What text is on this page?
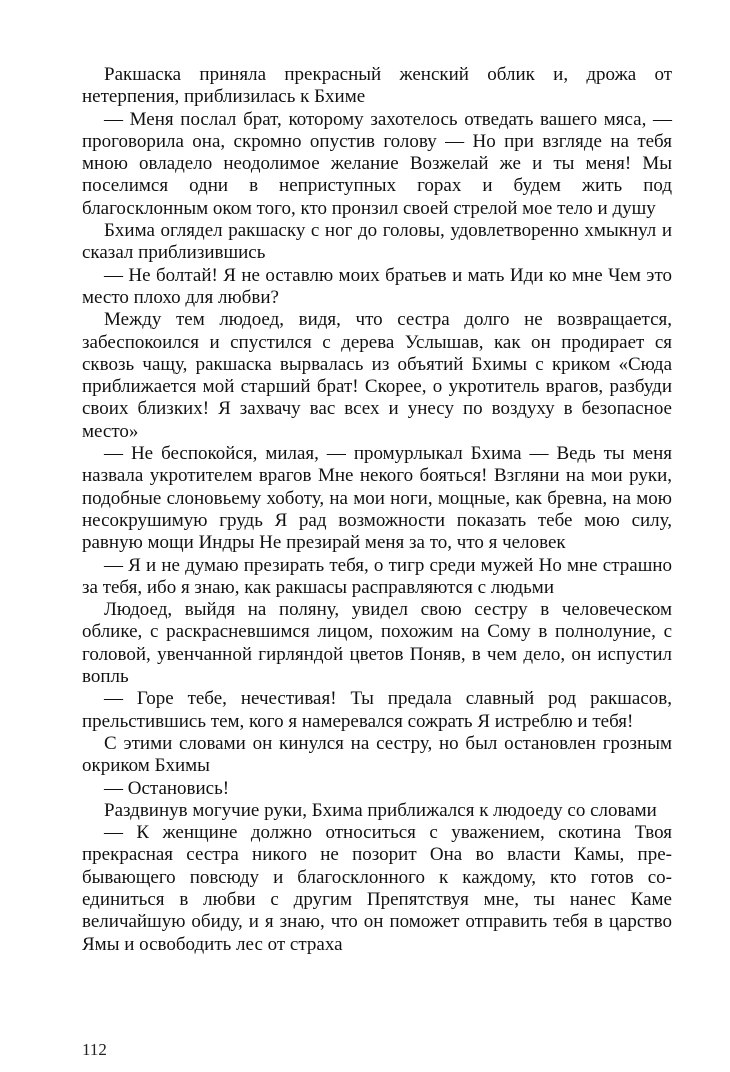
Ракшаска приняла прекрасный женский облик и, дрожа от нетерпения, приблизилась к Бхиме

— Меня послал брат, которому захотелось отведать вашего мяса, — проговорила она, скромно опустив голову — Но при взгляде на тебя мною овладело неодолимое желание Возжелай же и ты меня! Мы поселимся одни в неприступных горах и будем жить под благосклонным оком того, кто пронзил своей стрелой мое тело и душу

Бхима оглядел ракшаску с ног до головы, удовлетворенно хмыкнул и сказал приблизившись

— Не болтай! Я не оставлю моих братьев и мать Иди ко мне Чем это место плохо для любви?

Между тем людоед, видя, что сестра долго не возвращается, забеспокоился и спустился с дерева Услышав, как он продирает ся сквозь чащу, ракшаска вырвалась из объятий Бхимы с криком «Сюда приближается мой старший брат! Скорее, о укротитель врагов, разбуди своих близких! Я захвачу вас всех и унесу по воздуху в безопасное место»

— Не беспокойся, милая, — промурлыкал Бхима — Ведь ты меня назвала укротителем врагов Мне некого бояться! Взгляни на мои руки, подобные слоновьему хоботу, на мои ноги, мощные, как бревна, на мою несокрушимую грудь Я рад возможности показать тебе мою силу, равную мощи Индры Не презирай меня за то, что я человек

— Я и не думаю презирать тебя, о тигр среди мужей Но мне страшно за тебя, ибо я знаю, как ракшасы расправляются с людьми

Людоед, выйдя на поляну, увидел свою сестру в человеческом облике, с раскрасневшимся лицом, похожим на Сому в полнолуние, с головой, увенчанной гирляндой цветов Поняв, в чем дело, он испустил вопль

— Горе тебе, нечестивая! Ты предала славный род ракшасов, прельстившись тем, кого я намеревался сожрать Я истреблю и тебя!

С этими словами он кинулся на сестру, но был остановлен грозным окриком Бхимы

— Остановись!

Раздвинув могучие руки, Бхима приближался к людоеду со словами

— К женщине должно относиться с уважением, скотина Твоя прекрасная сестра никого не позорит Она во власти Камы, пребывающего повсюду и благосклонного к каждому, кто готов соединиться в любви с другим Препятствуя мне, ты нанес Каме величайшую обиду, и я знаю, что он поможет отправить тебя в царство Ямы и освободить лес от страха

112
